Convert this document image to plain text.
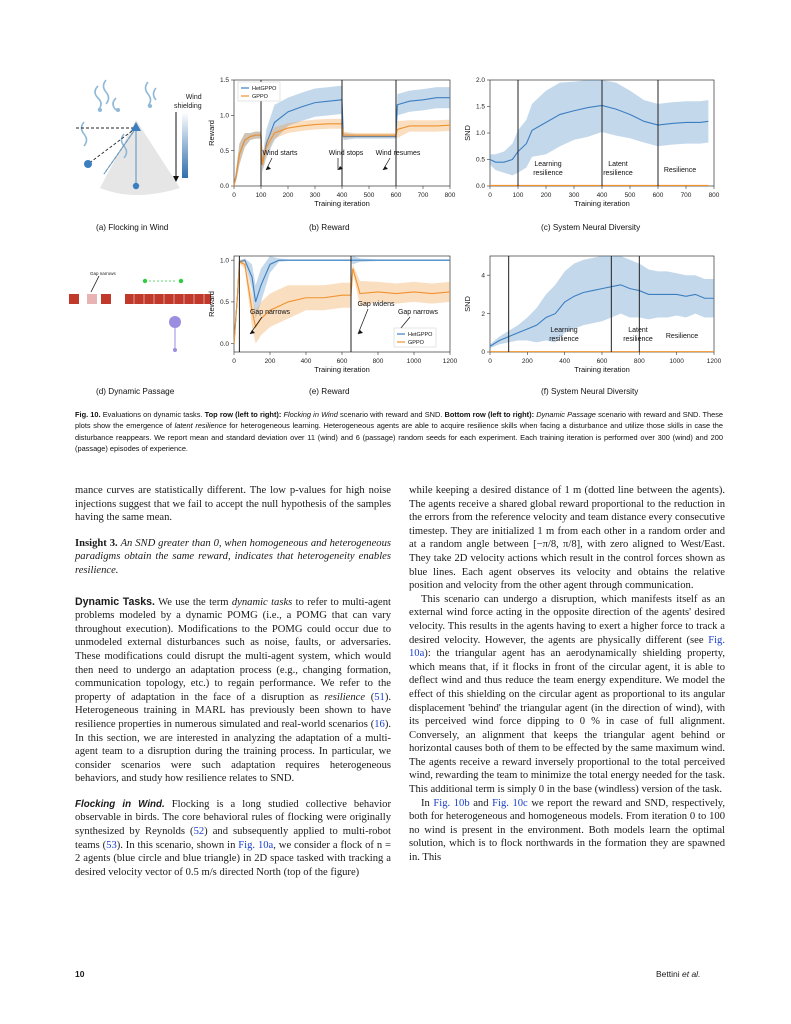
Wind
shielding
Gap narrows
0	100 200 300 400 500 600 700 800
0.0
0.5
1.0
1.5
Training iteration
Reward
Wind starts	Wind stops Wind resumes
HetGPPO
GPPO
0	100	200	300	400	500	600	700	800
0.0
0.5
1.0
1.5
2.0
Training iteration
SND
Learning resilience
Latent resilience	Resilience
0	200	400	600	800	1000	1200
0.0
0.5
1.0
Training iteration
Reward	Gap narrows
Gap widens
Gap narrows
HetGPPO
GPPO
0	200	400	600	800	1000	1200
0
2
4
Training iteration
SND
Learning resilience
Latent resilience Resilience
(a) Flocking in Wind	(b) Reward	(c) System Neural Diversity
(d) Dynamic Passage	(e) Reward	(f) System Neural Diversity
Fig. 10. Evaluations on dynamic tasks. Top row (left to right): Flocking in Wind scenario with reward and SND. Bottom row (left to right): Dynamic Passage scenario with reward and SND. These plots show the emergence of latent resilience for heterogeneous learning. Heterogeneous agents are able to acquire resilience skills when facing a disturbance and utilize those skills in case the disturbance reappears. We report mean and standard deviation over 11 (wind) and 6 (passage) random seeds for each experiment. Each training iteration is performed over 300 (wind) and 200 (passage) episodes of experience.

mance curves are statistically different. The low p-values for high noise injections suggest that we fail to accept the null hypothesis of the samples having the same mean.

Insight 3. An SND greater than 0, when homogeneous and heterogeneous paradigms obtain the same reward, indicates that heterogeneity enables resilience.

Dynamic Tasks. We use the term dynamic tasks to refer to multi-agent problems modeled by a dynamic POMG (i.e., a POMG that can vary throughout execution). Modifications to the POMG could occur due to unmodeled external disturbances such as noise, faults, or adversaries. These modifications could disrupt the multi-agent system, which would then need to undergo an adaptation process (e.g., changing formation, communication topology, etc.) to regain performance. We refer to the property of adaptation in the face of a disruption as resilience (51). Heterogeneous training in MARL has previously been shown to have resilience properties in numerous simulated and real-world scenarios (16). In this section, we are interested in analyzing the adaptation of a multi-agent team to a disruption during the training process. In particular, we consider scenarios were such adaptation requires heterogeneous behaviors, and study how resilience relates to SND.

Flocking in Wind. Flocking is a long studied collective behavior observable in birds. The core behavioral rules of flocking were originally synthesized by Reynolds (52) and subsequently applied to multi-robot teams (53). In this scenario, shown in Fig. 10a, we consider a flock of n = 2 agents (blue circle and blue triangle) in 2D space tasked with tracking a desired velocity vector of 0.5 m/s directed North (top of the figure)

while keeping a desired distance of 1 m (dotted line between the agents). The agents receive a shared global reward proportional to the reduction in the errors from the reference velocity and team distance every consecutive timestep. They are initialized 1 m from each other in a random order and at a random angle between [−π/8, π/8], with zero aligned to West/East. They take 2D velocity actions which result in the control forces shown as blue lines. Each agent observes its velocity and obtains the relative position and velocity from the other agent through communication.

This scenario can undergo a disruption, which manifests itself as an external wind force acting in the opposite direction of the agents' desired velocity. This results in the agents having to exert a higher force to track a desired velocity. However, the agents are physically different (see Fig. 10a): the triangular agent has an aerodynamically shielding property, which means that, if it flocks in front of the circular agent, it is able to deflect wind and thus reduce the team energy expenditure. We model the effect of this shielding on the circular agent as proportional to its angular displacement 'behind' the triangular agent (in the direction of wind), with its perceived wind force dipping to 0 % in case of full alignment. Conversely, an alignment that keeps the triangular agent behind or horizontal causes both of them to be effected by the same maximum wind. The agents receive a reward inversely proportional to the total perceived wind, rewarding the team to minimize the total energy needed for the task. This additional term is simply 0 in the base (windless) version of the task.

In Fig. 10b and Fig. 10c we report the reward and SND, respectively, both for heterogeneous and homogeneous models. From iteration 0 to 100 no wind is present in the environment. Both models learn the optimal solution, which is to flock northwards in the formation they are spawned in. This

10	Bettini et al.
